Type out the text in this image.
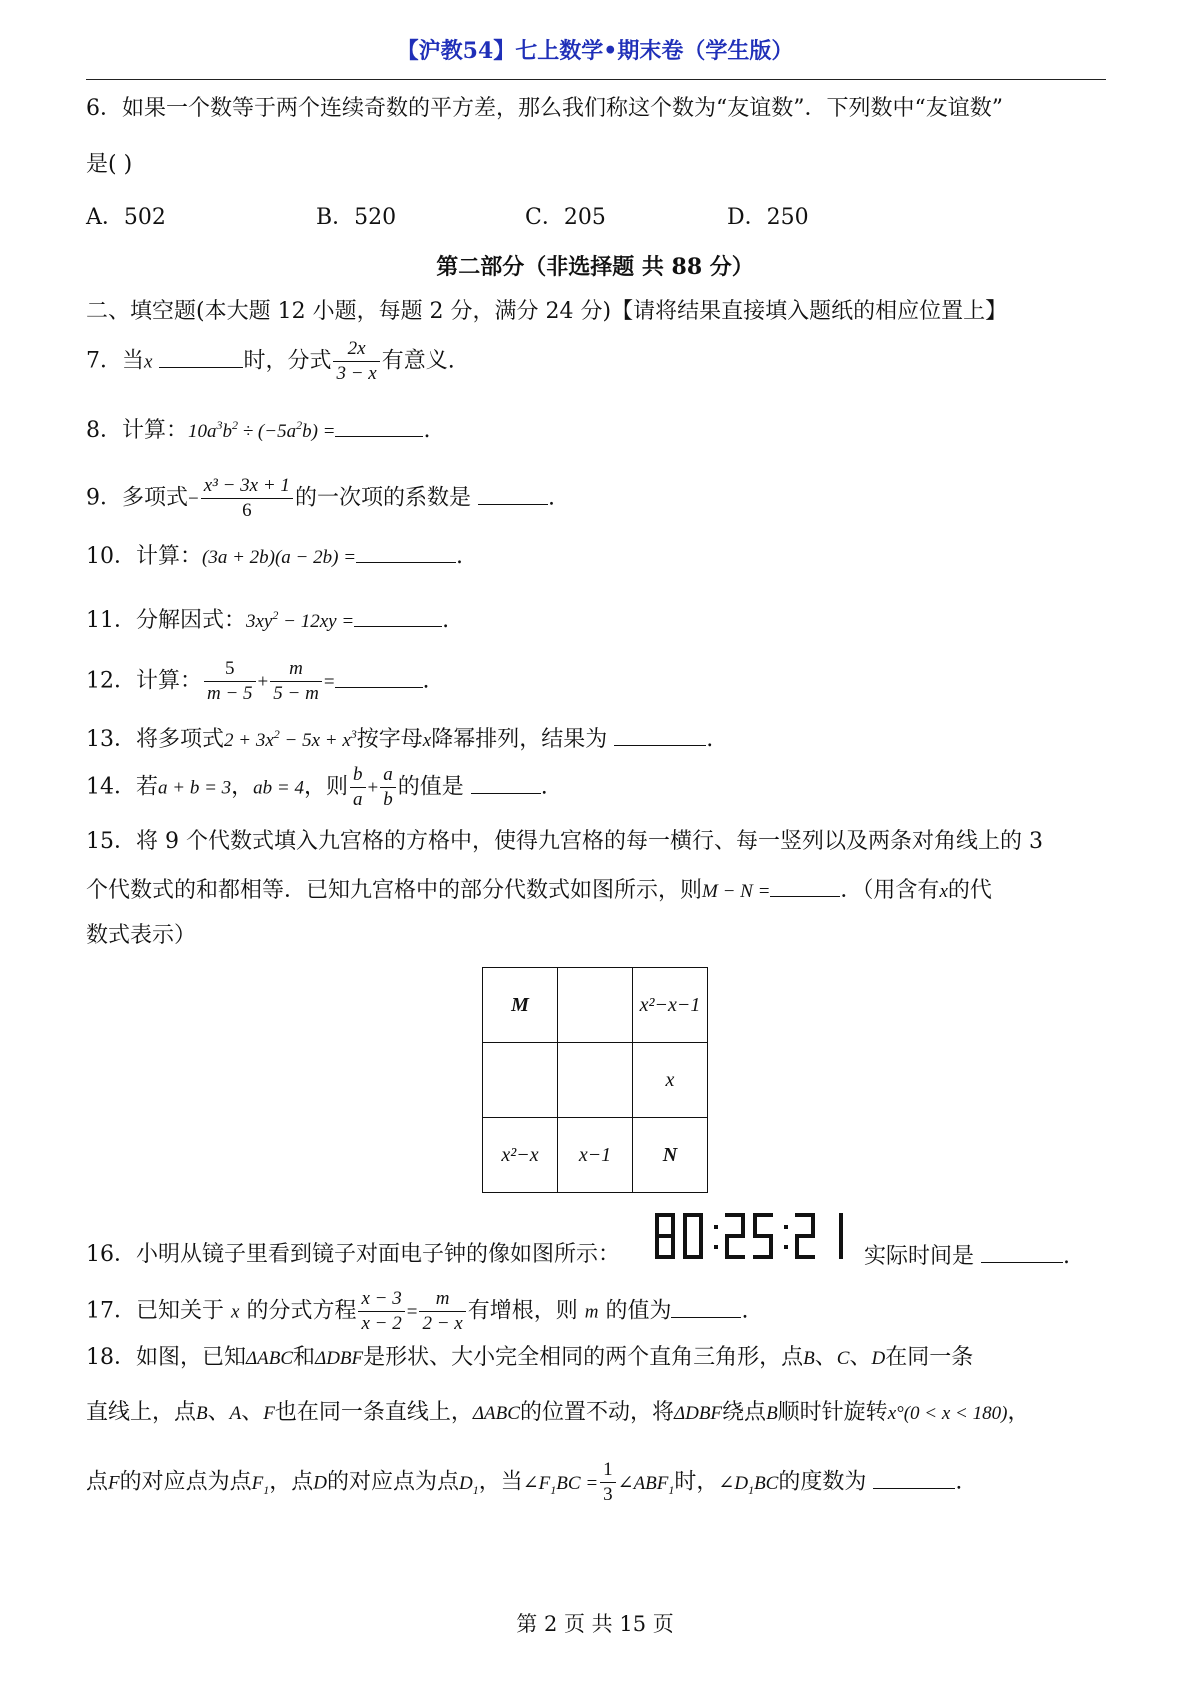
【沪教54】七上数学•期末卷（学生版）
6．如果一个数等于两个连续奇数的平方差，那么我们称这个数为“友谊数”．下列数中“友谊数”
是( )
A．502	B．520	C．205	D．250
第二部分（非选择题 共 88 分）
二、填空题(本大题 12 小题，每题 2 分，满分 24 分)【请将结果直接填入题纸的相应位置上】
7．当x	时，分式 $\frac{2x}{3 - x}$ 有意义.
8．计算：$10a^3b^2 \div (-5a^2b)$ =	.
9．多项式− $\frac{\text{x³ − 3x + 1}}{6}$ 的一次项的系数是	.
10．计算：(3a + 2b)(a − 2b) =	.
11．分解因式：$3xy^2 - 12xy$ =	.
12．计算： $\frac{5}{m - 5} + \frac{m}{5 - m}$ =	.
13．将多项式$2 + 3x^2 - 5x + x^3$按字母x降幂排列，结果为	.
14．若a + b = 3，ab = 4，则 $\frac{b}{a} + \frac{a}{b}$ 的值是	.
15．将 9 个代数式填入九宫格的方格中，使得九宫格的每一横行、每一竖列以及两条对角线上的 3
个代数式的和都相等．已知九宫格中的部分代数式如图所示，则M − N =	．（用含有x的代
数式表示）
M		x²−x−1
		x
x²−x	x−1	N
16．小明从镜子里看到镜子对面电子钟的像如图所示：	实际时间是	.
17．已知关于 x 的分式方程 $\frac{x - 3}{x - 2} = \frac{m}{2 - x}$ 有增根，则 m 的值为	.
18．如图，已知ΔABC和ΔDBF是形状、大小完全相同的两个直角三角形，点B、C、D在同一条
直线上，点B、A、F也在同一条直线上，ΔABC的位置不动，将ΔDBF绕点B顺时针旋转x°(0 < x < 180)，
点F的对应点为点$F_1$，点D的对应点为点$D_1$，当$\angle F_1BC = \frac{1}{3}$ $\angle ABF_1$时，$\angle D_1BC$的度数为	.
第 2 页 共 15 页
